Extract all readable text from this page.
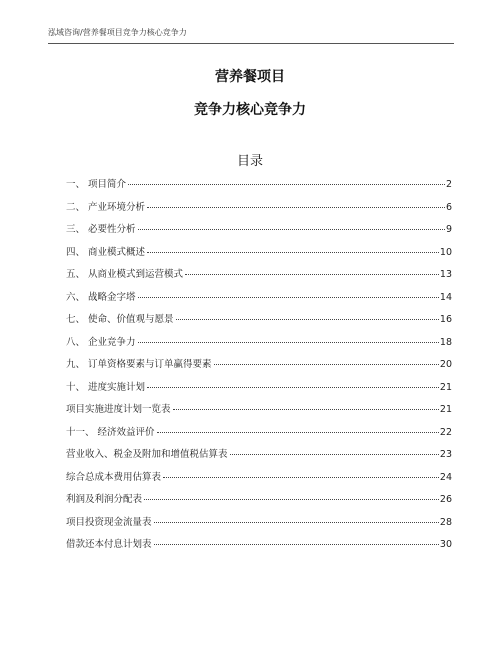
泓域咨询/营养餐项目竞争力核心竞争力
营养餐项目
竞争力核心竞争力
目录
一、 项目简介	2
二、 产业环境分析	6
三、 必要性分析	9
四、 商业模式概述	10
五、 从商业模式到运营模式	13
六、 战略金字塔	14
七、 使命、价值观与愿景	16
八、 企业竞争力	18
九、 订单资格要素与订单赢得要素	20
十、 进度实施计划	21
项目实施进度计划一览表	21
十一、 经济效益评价	22
营业收入、税金及附加和增值税估算表	23
综合总成本费用估算表	24
利润及利润分配表	26
项目投资现金流量表	28
借款还本付息计划表	30
